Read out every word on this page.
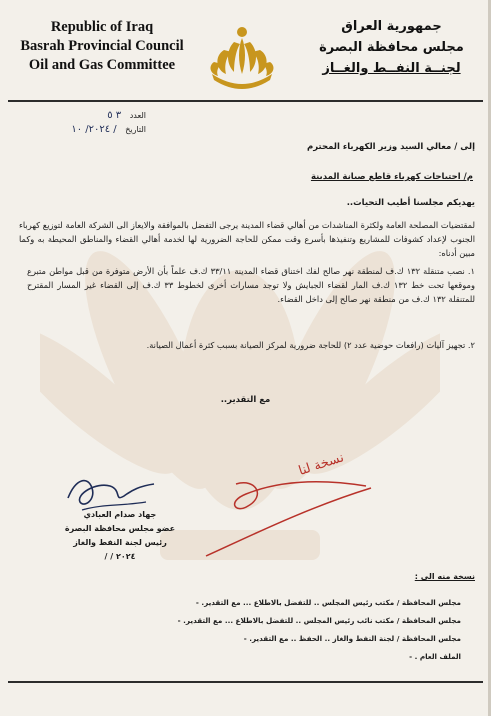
Republic of Iraq
Basrah Provincial Council
Oil and Gas Committee
جمهورية العراق
مجلس محافظة البصرة
لجنــة النفــط والغــاز
العدد ٣ ٥
التاريخ / ٢٠٢٤/ ١٠
إلى / معالي السيد وزير الكهرباء المحترم
م/ احتياجات كهرباء قاطع صيانة المدينة
يهديكم مجلسنا أطيب التحيات..
لمقتضيات المصلحة العامة ولكثرة المناشدات من أهالي قضاء المدينة يرجى التفضل بالموافقة والايعاز الى الشركة العامة لتوزيع كهرباء الجنوب لإعداد كشوفات للمشاريع وتنفيذها بأسرع وقت ممكن للحاجة الضرورية لها لخدمة أهالي القضاء والمناطق المحيطة به وكما مبين أدناه:
١. نصب متنقلة ١٣٢ ك.ف لمنطقة نهر صالح لفك اختناق قضاء المدينة ٣٣/١١ ك.ف علماً بأن الأرض متوفرة من قبل مواطن متبرع وموقعها تحت خط ١٣٢ ك.ف المار لقضاء الجبايش ولا توجد مسارات أخرى لخطوط ٣٣ ك.ف إلى القضاء غير المسار المقترح للمتنقلة ١٣٢ ك.ف من منطقة نهر صالح إلى داخل القضاء.
٢. تجهيز آليات (رافعات حوضية عدد ٢) للحاجة ضرورية لمركز الصيانة بسبب كثرة أعمال الصيانة.
مع التقدير..
نسخة لنا
جهاد صدام العبادي
عضو مجلس محافظة البصرة
رئيس لجنة النفط والغاز
٢٠٢٤ / /
نسخة منه الى :
مجلس المحافظة / مكتب رئيس المجلس .. للتفضل بالاطلاع ... مع التقدير. -
مجلس المحافظة / مكتب نائب رئيس المجلس .. للتفضل بالاطلاع ... مع التقدير. -
مجلس المحافظة / لجنة النفط والغاز .. الحفظ .. مع التقدير. -
الملف العام . -
